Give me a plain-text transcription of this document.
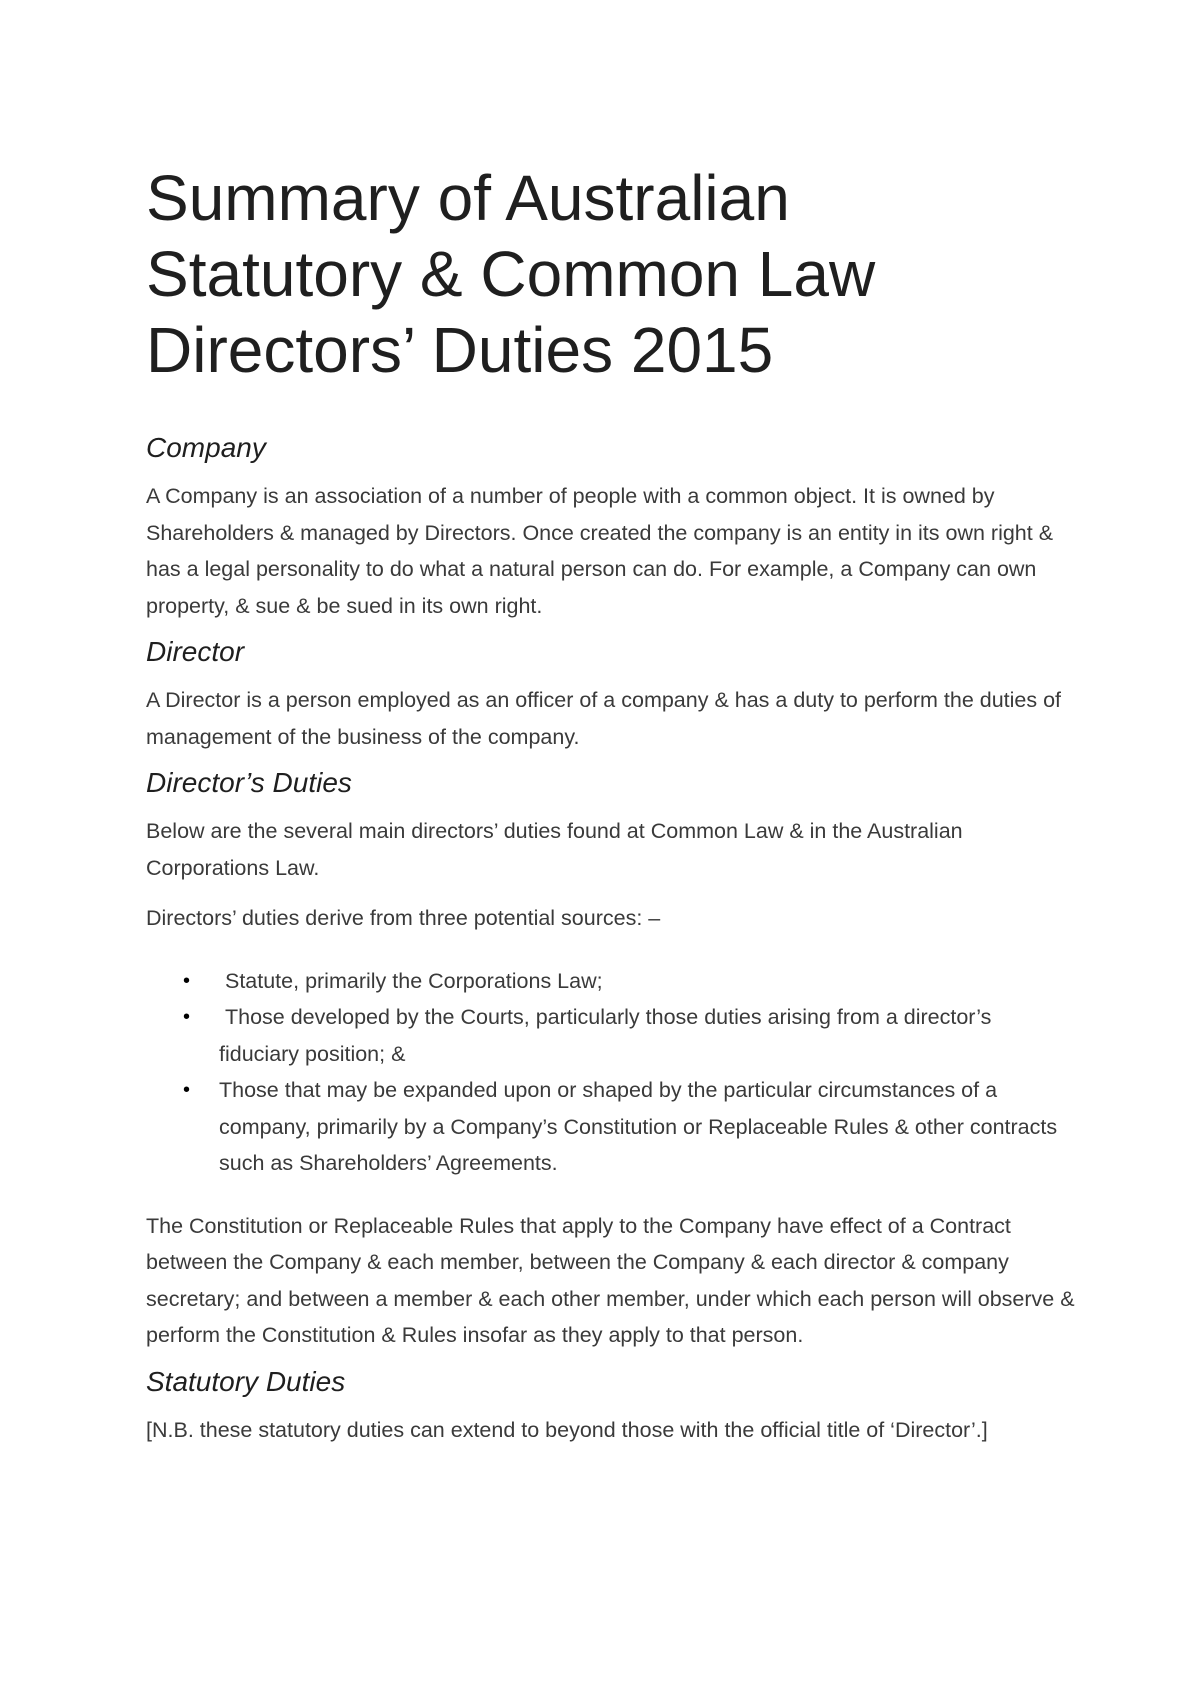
Summary of Australian
Statutory & Common Law
Directors’ Duties 2015
Company

A Company is an association of a number of people with a common object. It is owned by Shareholders & managed by Directors. Once created the company is an entity in its own right & has a legal personality to do what a natural person can do. For example, a Company can own property, & sue & be sued in its own right.

Director

A Director is a person employed as an officer of a company & has a duty to perform the duties of management of the business of the company.

Director’s Duties

Below are the several main directors’ duties found at Common Law & in the Australian Corporations Law.

Directors’ duties derive from three potential sources: –

• Statute, primarily the Corporations Law;
• Those developed by the Courts, particularly those duties arising from a director’s fiduciary position; &
• Those that may be expanded upon or shaped by the particular circumstances of a company, primarily by a Company’s Constitution or Replaceable Rules & other contracts such as Shareholders’ Agreements.

The Constitution or Replaceable Rules that apply to the Company have effect of a Contract between the Company & each member, between the Company & each director & company secretary; and between a member & each other member, under which each person will observe & perform the Constitution & Rules insofar as they apply to that person.

Statutory Duties

[N.B. these statutory duties can extend to beyond those with the official title of ‘Director’.]
